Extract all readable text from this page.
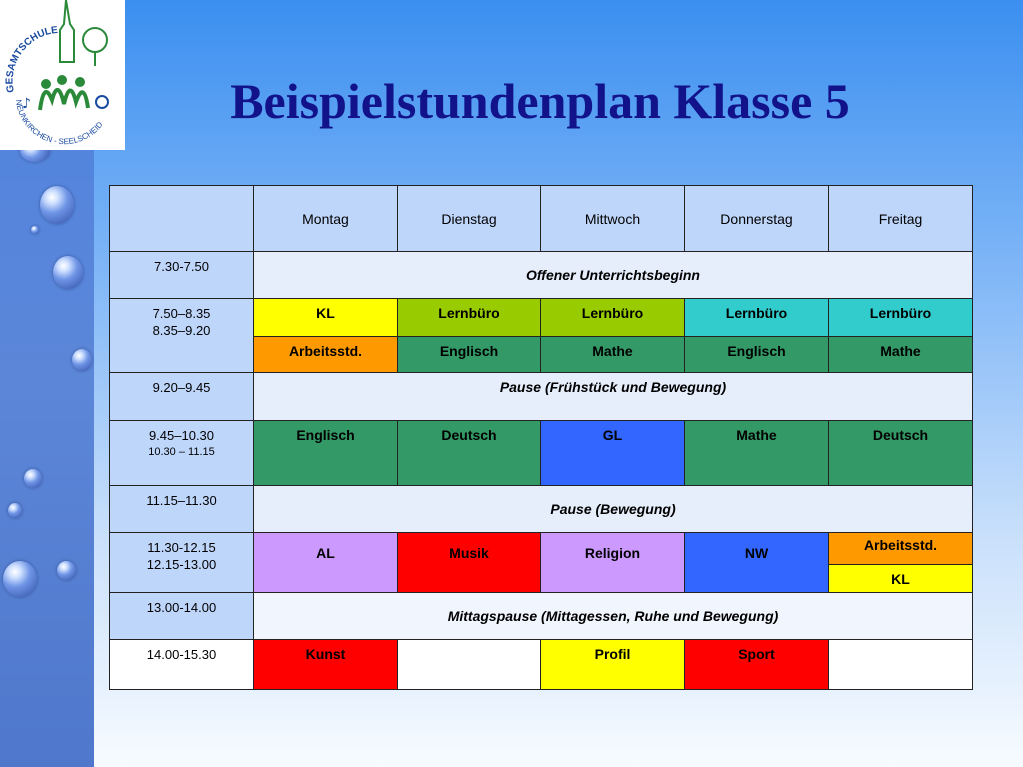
♪
GESAMTSCHULE
NEUNKIRCHEN - SEELSCHEID	Beispielstundenplan Klasse 5
	Montag	Dienstag	Mittwoch	Donnerstag	Freitag
7.30-7.50	Offener Unterrichtsbeginn				

7.50–8.35
8.35–9.20	KL	Lernbüro	Lernbüro	Lernbüro	Lernbüro
	Arbeitsstd.	Englisch	Mathe	Englisch	Mathe
9.20–9.45	Pause (Frühstück und Bewegung)				

9.45–10.30
10.30 – 11.15	Englisch	Deutsch	GL	Mathe	Deutsch
11.15–11.30	Pause (Bewegung)				

11.30-12.15
12.15-13.00	AL	Musik	Religion	NW	Arbeitsstd.
					KL
13.00-14.00	Mittagspause (Mittagessen, Ruhe und Bewegung)				
14.00-15.30	Kunst		Profil	Sport	
